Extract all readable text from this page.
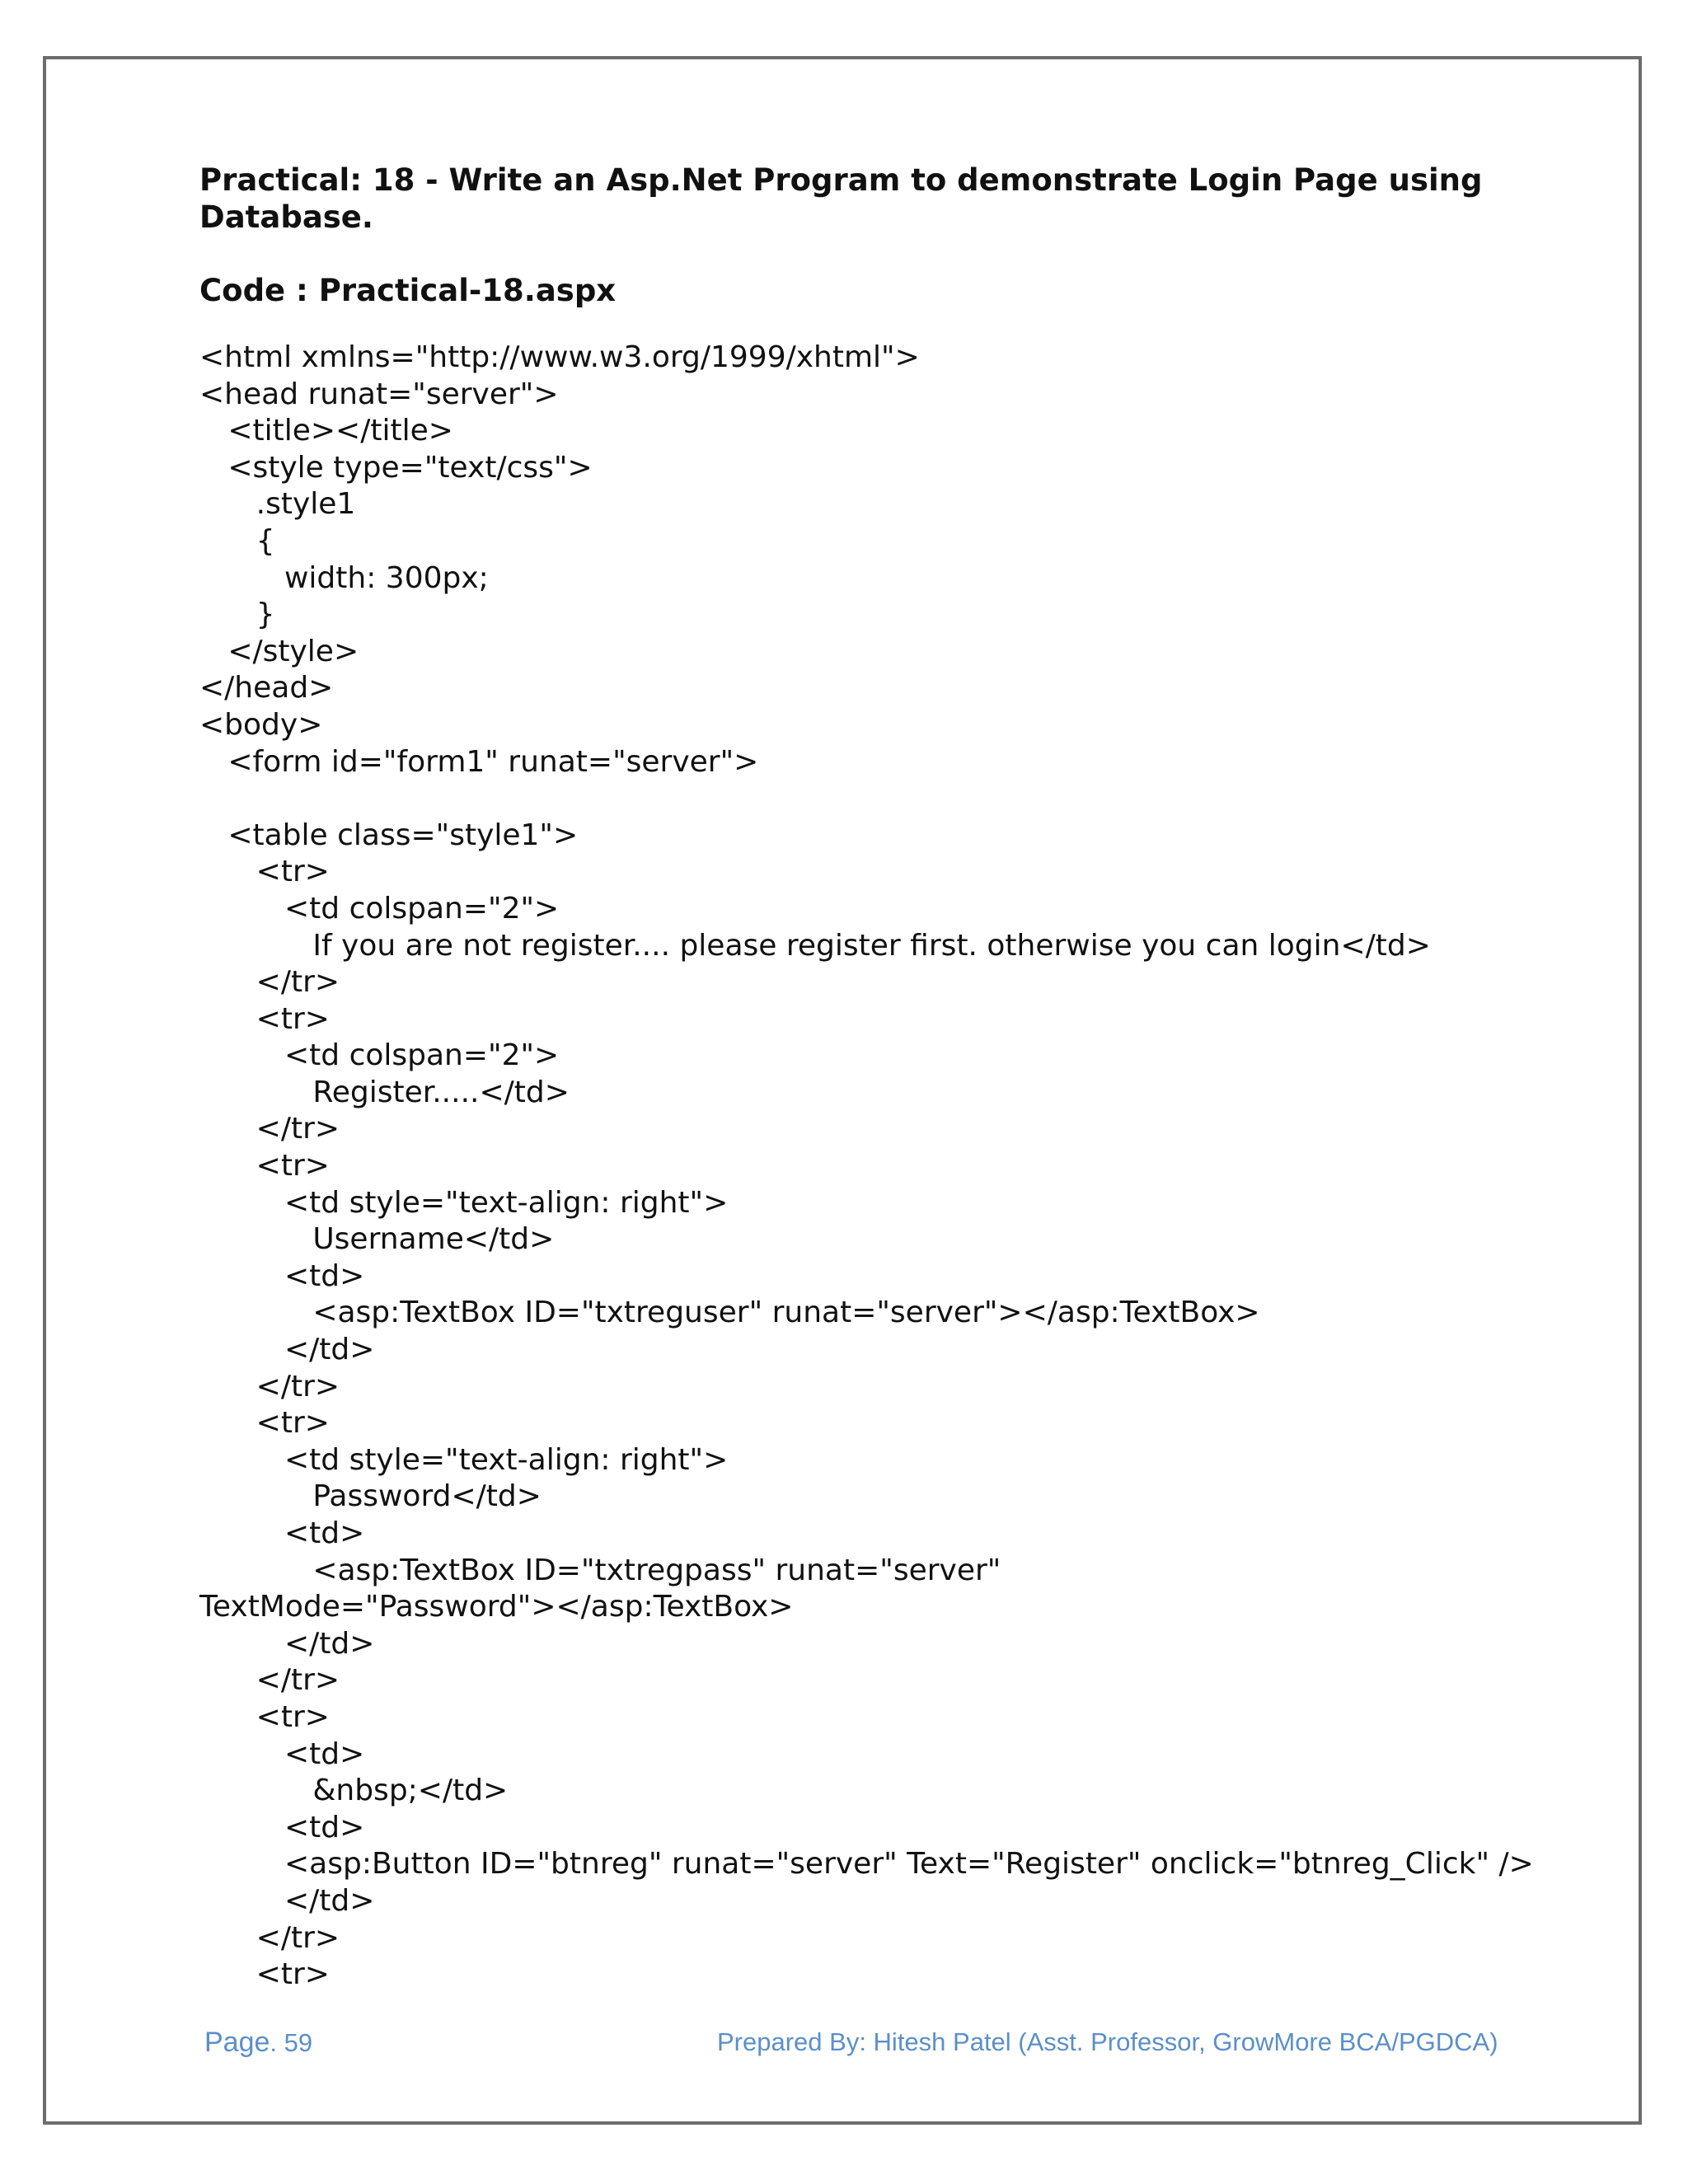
Practical: 18 - Write an Asp.Net Program to demonstrate Login Page using Database.
Code : Practical-18.aspx
<html xmlns="http://www.w3.org/1999/xhtml">
<head runat="server">
<title></title>
<style type="text/css">
.style1
{
width: 300px;
}
</style>
</head>
<body>
<form id="form1" runat="server">
<table class="style1">
<tr>
<td colspan="2">
If you are not register.... please register first. otherwise you can login</td>
</tr>
<tr>
<td colspan="2">
Register.....</td>
</tr>
<tr>
<td style="text-align: right">
Username</td>
<td>
<asp:TextBox ID="txtreguser" runat="server"></asp:TextBox>
</td>
</tr>
<tr>
<td style="text-align: right">
Password</td>
<td>
<asp:TextBox ID="txtregpass" runat="server"
TextMode="Password"></asp:TextBox>
</td>
</tr>
<tr>
<td>
&nbsp;</td>
<td>
<asp:Button ID="btnreg" runat="server" Text="Register" onclick="btnreg_Click" />
</td>
</tr>
<tr>
Page. 59	Prepared By: Hitesh Patel (Asst. Professor, GrowMore BCA/PGDCA)
